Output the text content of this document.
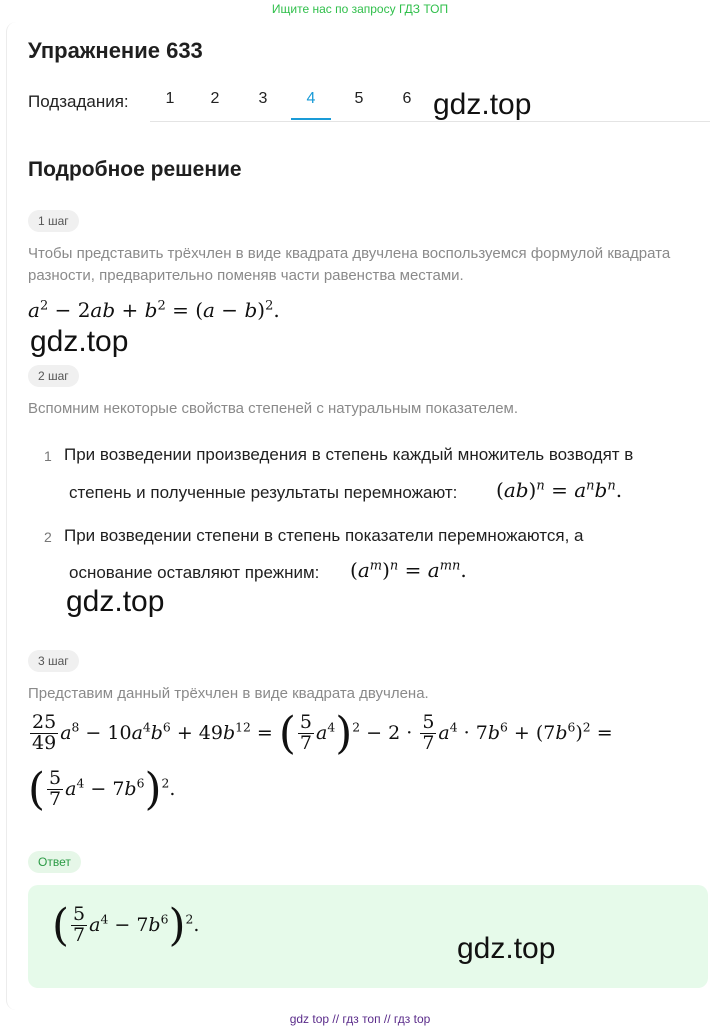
Ищите нас по запросу ГДЗ ТОП
Упражнение 633
Подзадания:	1	2	3	4	5	6 gdz.top
Подробное решение
1 шаг
Чтобы представить трёхчлен в виде квадрата двучлена воспользуемся формулой квадрата разности, предварительно поменяв части равенства местами.
$a^2 - 2ab + b^2 = (a - b)^2$.
gdz.top
2 шаг
Вспомним некоторые свойства степеней с натуральным показателем.
1 При возведении произведения в степень каждый множитель возводят в
степень и полученные результаты перемножают: $(ab)^n = a^nb^n$.
2 При возведении степени в степень показатели перемножаются, а
основание оставляют прежним: $(a^m)^n = a^{mn}$.
gdz.top
3 шаг
Представим данный трёхчлен в виде квадрата двучлена.
$\frac{25}{49} a^8 - 10a^4b^6 + 49b^{12}$ = ( $\frac{5}{7} a^4)^2 - 2 \cdot \frac{5}{7} a^4 \cdot 7b^6 + (7b^6)^2$ =
( $\frac{5}{7} a^4 - 7b^6)^2$.
Ответ
( $\frac{5}{7} a^4 - 7b^6)^2$.
gdz.top
gdz top // гдз топ // гдз top
